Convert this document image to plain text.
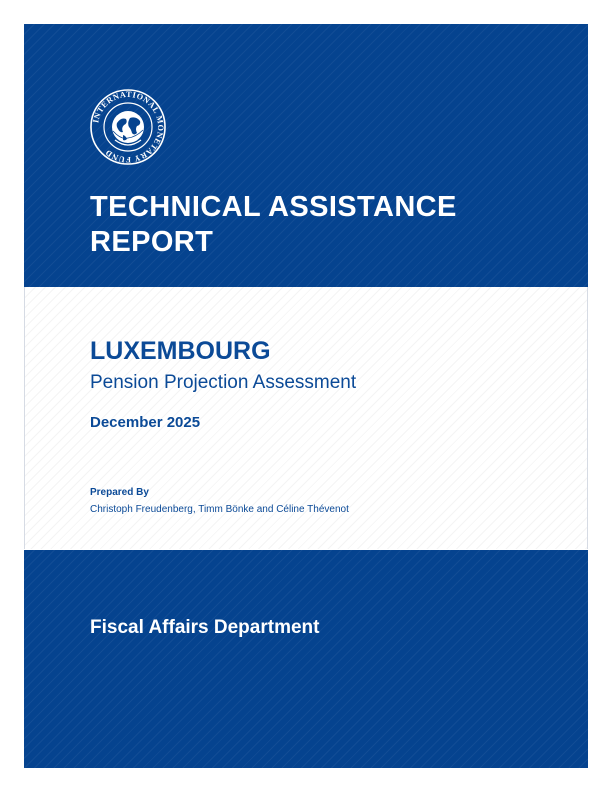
INTERNATIONAL MONETARY FUND
TECHNICAL ASSISTANCE REPORT
LUXEMBOURG
Pension Projection Assessment
December 2025
Prepared By
Christoph Freudenberg, Timm Bönke and Céline Thévenot
Fiscal Affairs Department
